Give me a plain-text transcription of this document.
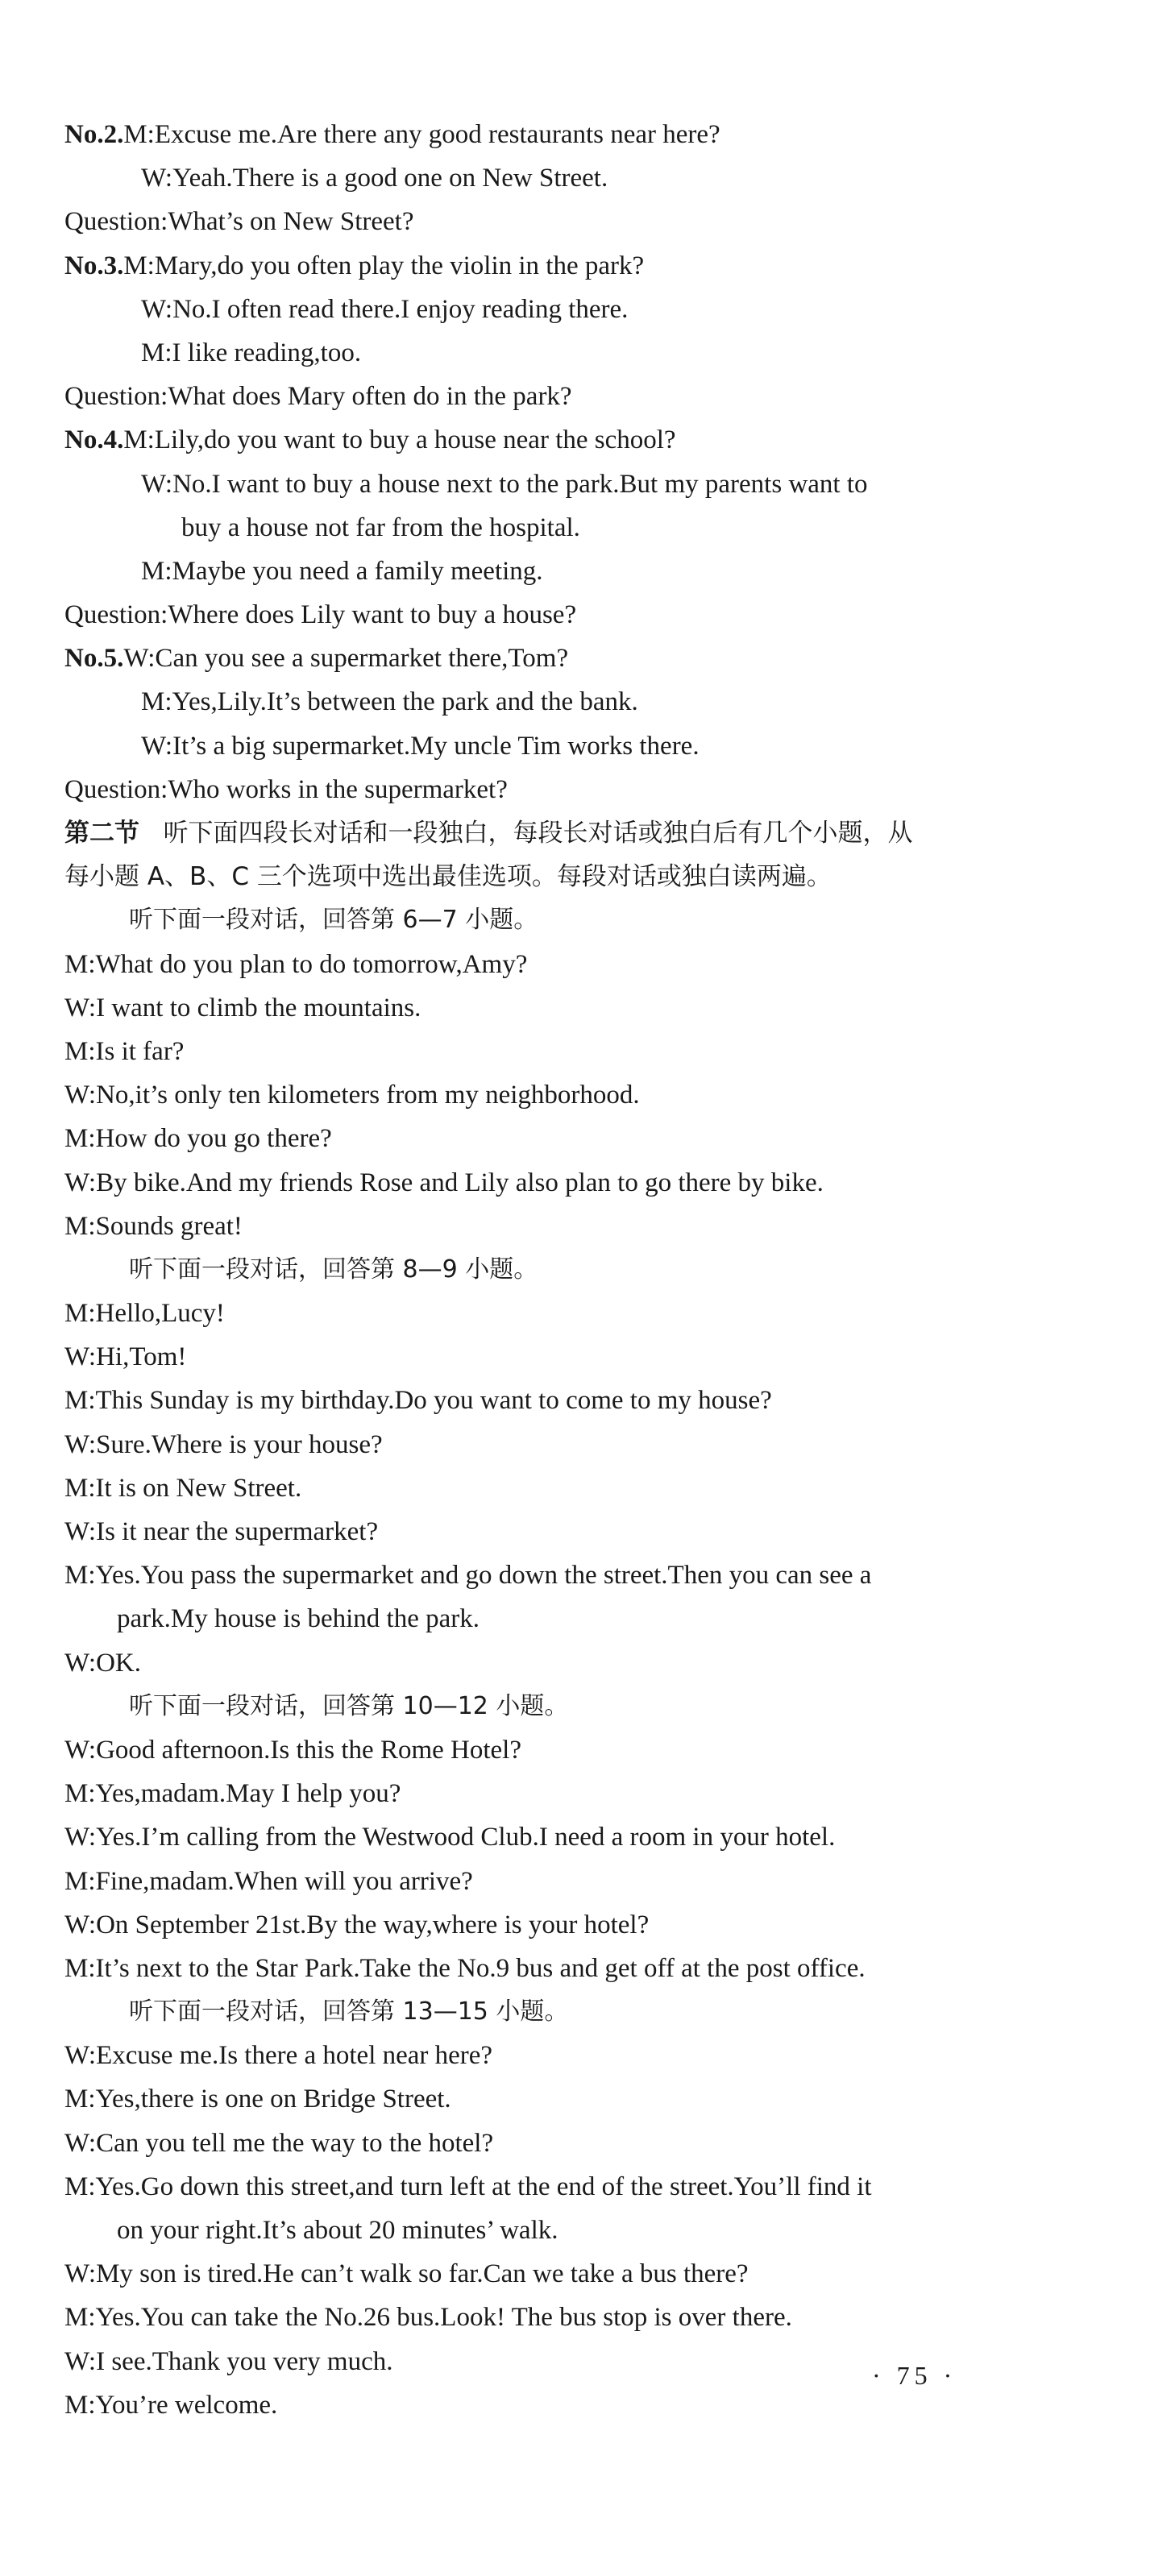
No.2.M:Excuse me.Are there any good restaurants near here?
W:Yeah.There is a good one on New Street.
Question:What’s on New Street?
No.3.M:Mary,do you often play the violin in the park?
W:No.I often read there.I enjoy reading there.
M:I like reading,too.
Question:What does Mary often do in the park?
No.4.M:Lily,do you want to buy a house near the school?
W:No.I want to buy a house next to the park.But my parents want to
buy a house not far from the hospital.
M:Maybe you need a family meeting.
Question:Where does Lily want to buy a house?
No.5.W:Can you see a supermarket there,Tom?
M:Yes,Lily.It’s between the park and the bank.
W:It’s a big supermarket.My uncle Tim works there.
Question:Who works in the supermarket?
第二节 听下面四段长对话和一段独白，每段长对话或独白后有几个小题，从
每小题 A、B、C 三个选项中选出最佳选项。每段对话或独白读两遍。
听下面一段对话，回答第 6—7 小题。
M:What do you plan to do tomorrow,Amy?
W:I want to climb the mountains.
M:Is it far?
W:No,it’s only ten kilometers from my neighborhood.
M:How do you go there?
W:By bike.And my friends Rose and Lily also plan to go there by bike.
M:Sounds great!
听下面一段对话，回答第 8—9 小题。
M:Hello,Lucy!
W:Hi,Tom!
M:This Sunday is my birthday.Do you want to come to my house?
W:Sure.Where is your house?
M:It is on New Street.
W:Is it near the supermarket?
M:Yes.You pass the supermarket and go down the street.Then you can see a
park.My house is behind the park.
W:OK.
听下面一段对话，回答第 10—12 小题。
W:Good afternoon.Is this the Rome Hotel?
M:Yes,madam.May I help you?
W:Yes.I’m calling from the Westwood Club.I need a room in your hotel.
M:Fine,madam.When will you arrive?
W:On September 21st.By the way,where is your hotel?
M:It’s next to the Star Park.Take the No.9 bus and get off at the post office.
听下面一段对话，回答第 13—15 小题。
W:Excuse me.Is there a hotel near here?
M:Yes,there is one on Bridge Street.
W:Can you tell me the way to the hotel?
M:Yes.Go down this street,and turn left at the end of the street.You’ll find it
on your right.It’s about 20 minutes’ walk.
W:My son is tired.He can’t walk so far.Can we take a bus there?
M:Yes.You can take the No.26 bus.Look! The bus stop is over there.
W:I see.Thank you very much.
M:You’re welcome.
· 75 ·
